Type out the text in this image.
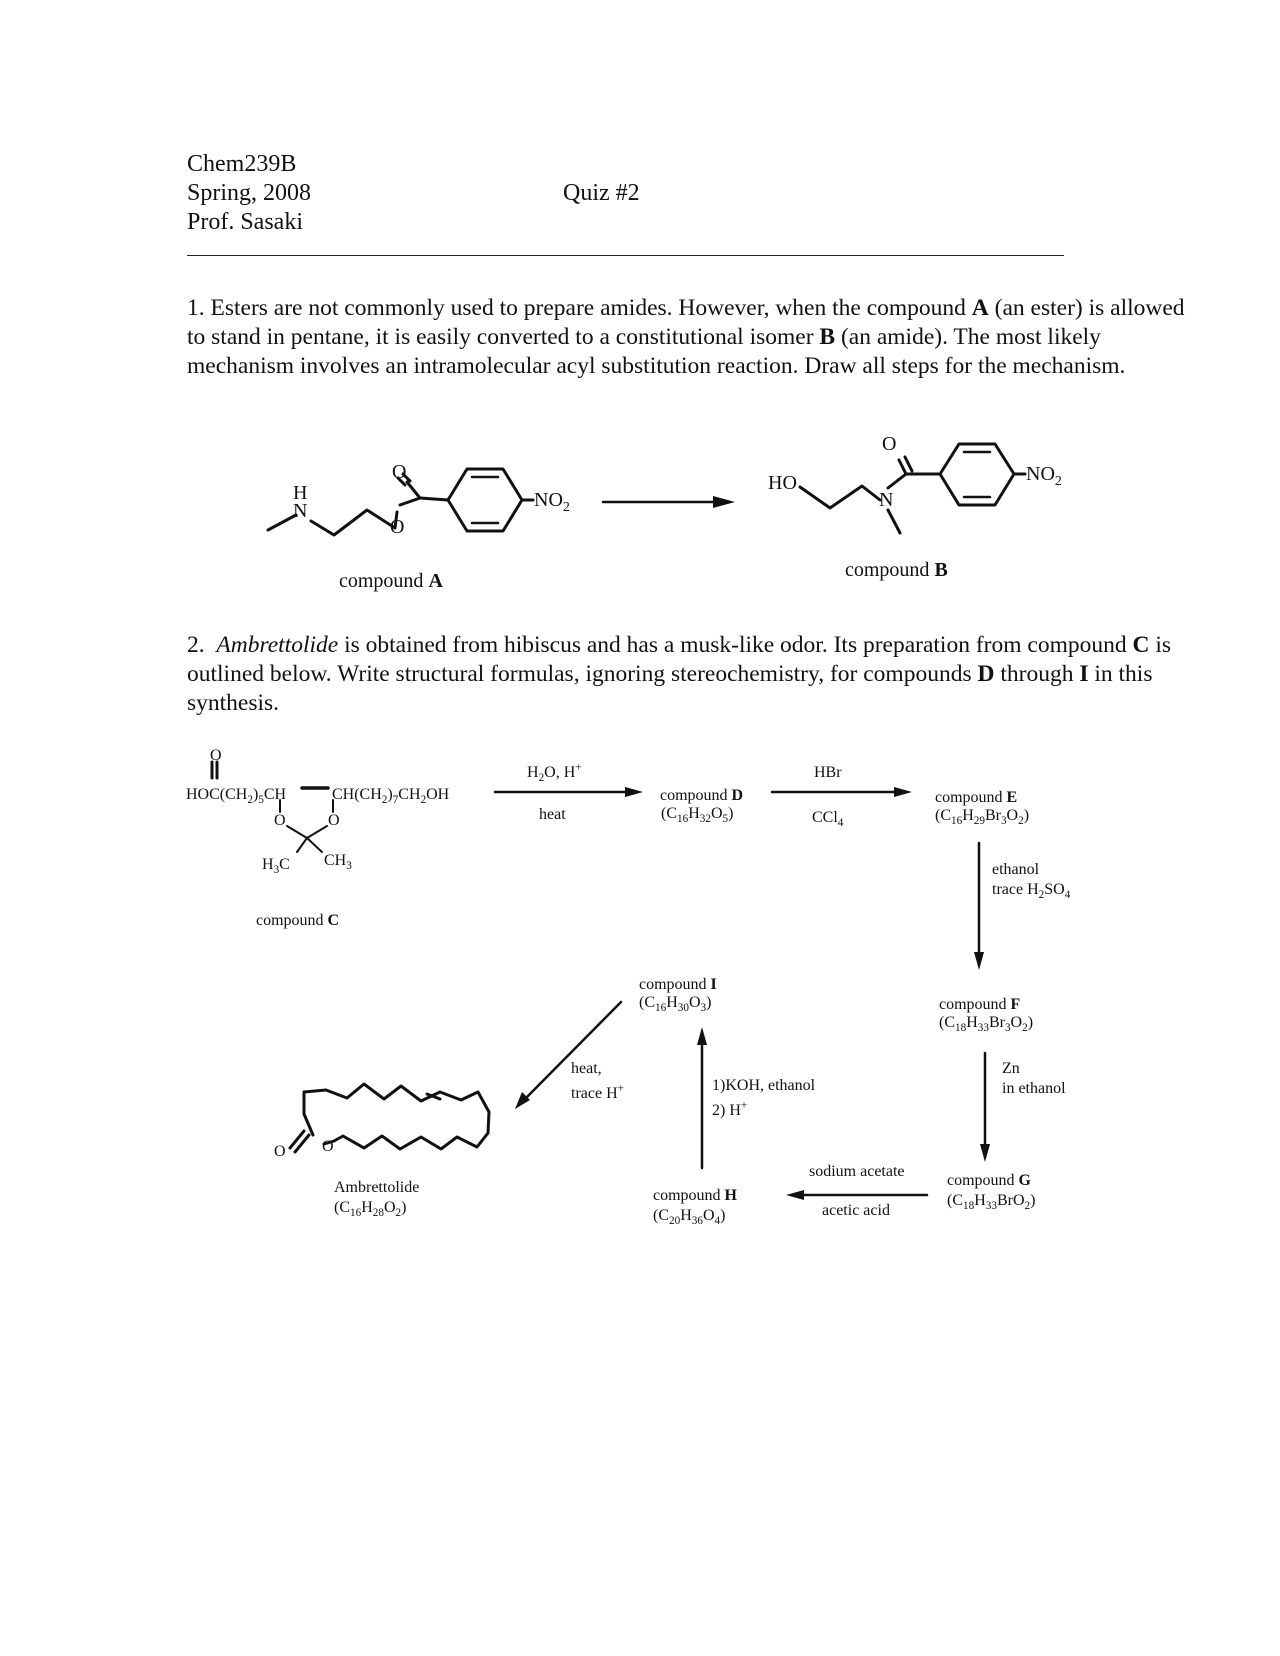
Chem239B
Spring, 2008	Quiz #2
Prof. Sasaki

1. Esters are not commonly used to prepare amides. However, when the compound A (an ester) is allowed to stand in pentane, it is easily converted to a constitutional isomer B (an amide). The most likely mechanism involves an intramolecular acyl substitution reaction. Draw all steps for the mechanism.

H
N
O
O
$NO_2$
HO
N
O
$NO_2$
compound A	compound B

2. Ambrettolide is obtained from hibiscus and has a musk-like odor. Its preparation from compound C is outlined below. Write structural formulas, ignoring stereochemistry, for compounds D through I in this synthesis.

O
$HOC(CH_2)_5CH$	$CH(CH_2)_7CH_2OH$
O	O
$H_3C$ $CH_3$
compound C
$H_2O$, H+
heat
compound D
$(C_{16}H_{32}O_5)$
HBr
CCl$_4$
compound E
$(C_{16}H_{29}Br_3O_2)$
ethanol
trace $H_2SO_4$
compound F
$(C_{18}H_{33}Br_3O_2)$
Zn
in ethanol
compound G
$(C_{18}H_{33}BrO_2)$
sodium acetate
acetic acid
compound H
$(C_{20}H_{36}O_4)$
1)KOH, ethanol
2) H+
compound I
$(C_{16}H_{30}O_3)$
heat,
trace H+
O O
Ambrettolide
$(C_{16}H_{28}O_2)$
